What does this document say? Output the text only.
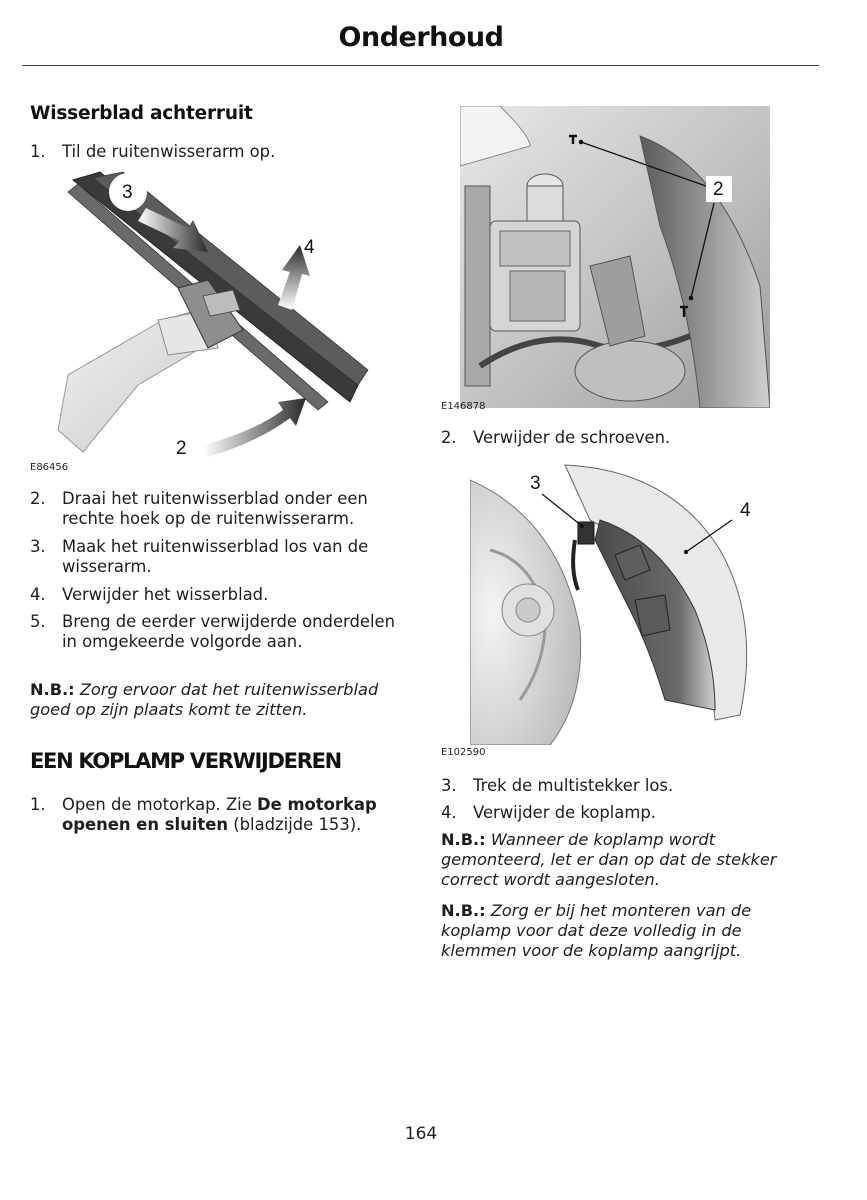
Onderhoud
Wisserblad achterruit
1. Til de ruitenwisserarm op.
3
4
2
E86456
2. Draai het ruitenwisserblad onder een rechte hoek op de ruitenwisserarm.
3. Maak het ruitenwisserblad los van de wisserarm.
4. Verwijder het wisserblad.
5. Breng de eerder verwijderde onderdelen in omgekeerde volgorde aan.
N.B.: Zorg ervoor dat het ruitenwisserblad goed op zijn plaats komt te zitten.
EEN KOPLAMP VERWIJDEREN
1. Open de motorkap. Zie De motorkap openen en sluiten (bladzijde 153).
2
E146878
2. Verwijder de schroeven.
3
4
E102590
3. Trek de multistekker los.
4. Verwijder de koplamp.
N.B.: Wanneer de koplamp wordt gemonteerd, let er dan op dat de stekker correct wordt aangesloten.
N.B.: Zorg er bij het monteren van de koplamp voor dat deze volledig in de klemmen voor de koplamp aangrijpt.
164
